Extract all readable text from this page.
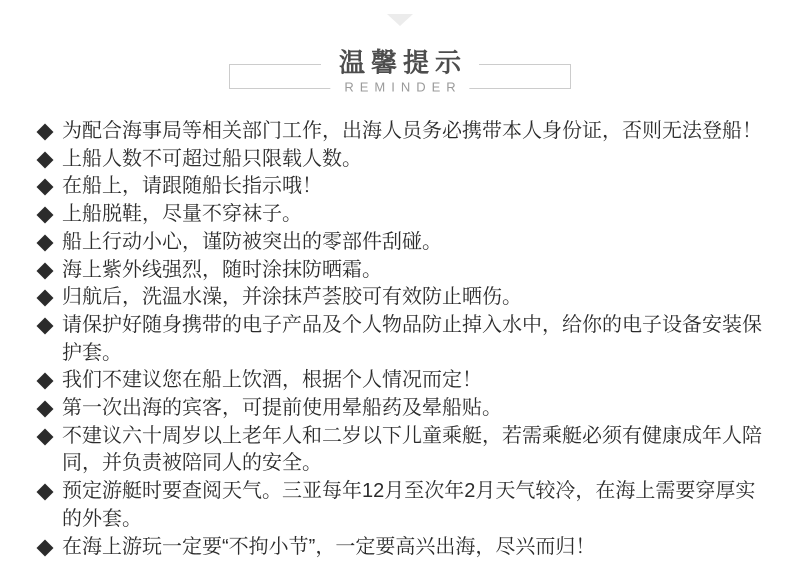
温馨提示
REMINDER
为配合海事局等相关部门工作，出海人员务必携带本人身份证，否则无法登船！
上船人数不可超过船只限载人数。
在船上，请跟随船长指示哦！
上船脱鞋，尽量不穿袜子。
船上行动小心，谨防被突出的零部件刮碰。
海上紫外线强烈，随时涂抹防晒霜。
归航后，洗温水澡，并涂抹芦荟胶可有效防止晒伤。
请保护好随身携带的电子产品及个人物品防止掉入水中，给你的电子设备安装保护套。
我们不建议您在船上饮酒，根据个人情况而定！
第一次出海的宾客，可提前使用晕船药及晕船贴。
不建议六十周岁以上老年人和二岁以下儿童乘艇，若需乘艇必须有健康成年人陪同，并负责被陪同人的安全。
预定游艇时要查阅天气。三亚每年12月至次年2月天气较冷，在海上需要穿厚实的外套。
在海上游玩一定要“不拘小节”，一定要高兴出海，尽兴而归！
